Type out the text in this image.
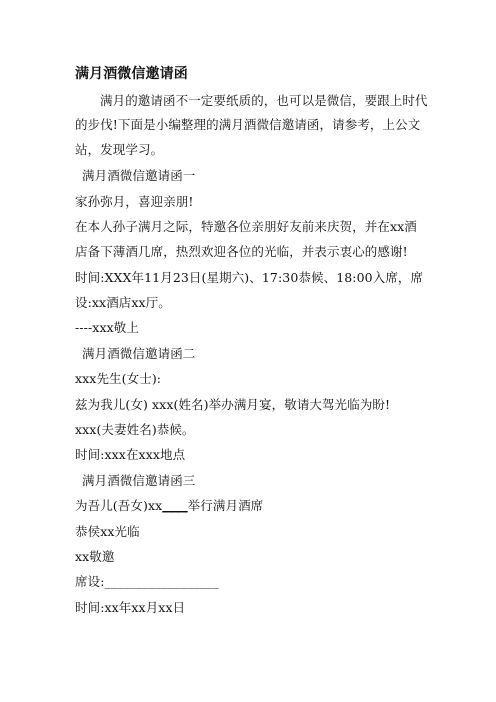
满月酒微信邀请函
满月的邀请函不一定要纸质的，也可以是微信，要跟上时代
的步伐!下面是小编整理的满月酒微信邀请函，请参考，上公文
站，发现学习。
满月酒微信邀请函一
家孙弥月，喜迎亲朋!
在本人孙子满月之际，特邀各位亲朋好友前来庆贺，并在xx酒
店备下薄酒几席，热烈欢迎各位的光临，并表示衷心的感谢!
时间:XXX年11月23日(星期六)、17:30恭候、18:00入席，席
设:xx酒店xx厅。
----xxx敬上
满月酒微信邀请函二
xxx先生(女士):
兹为我儿(女) xxx(姓名)举办满月宴，敬请大驾光临为盼!
xxx(夫妻姓名)恭候。
时间:xxx在xxx地点
满月酒微信邀请函三
为吾儿(吾女)xx____举行满月酒席
恭侯xx光临
xx敬邀
席设:__________________
时间:xx年xx月xx日
